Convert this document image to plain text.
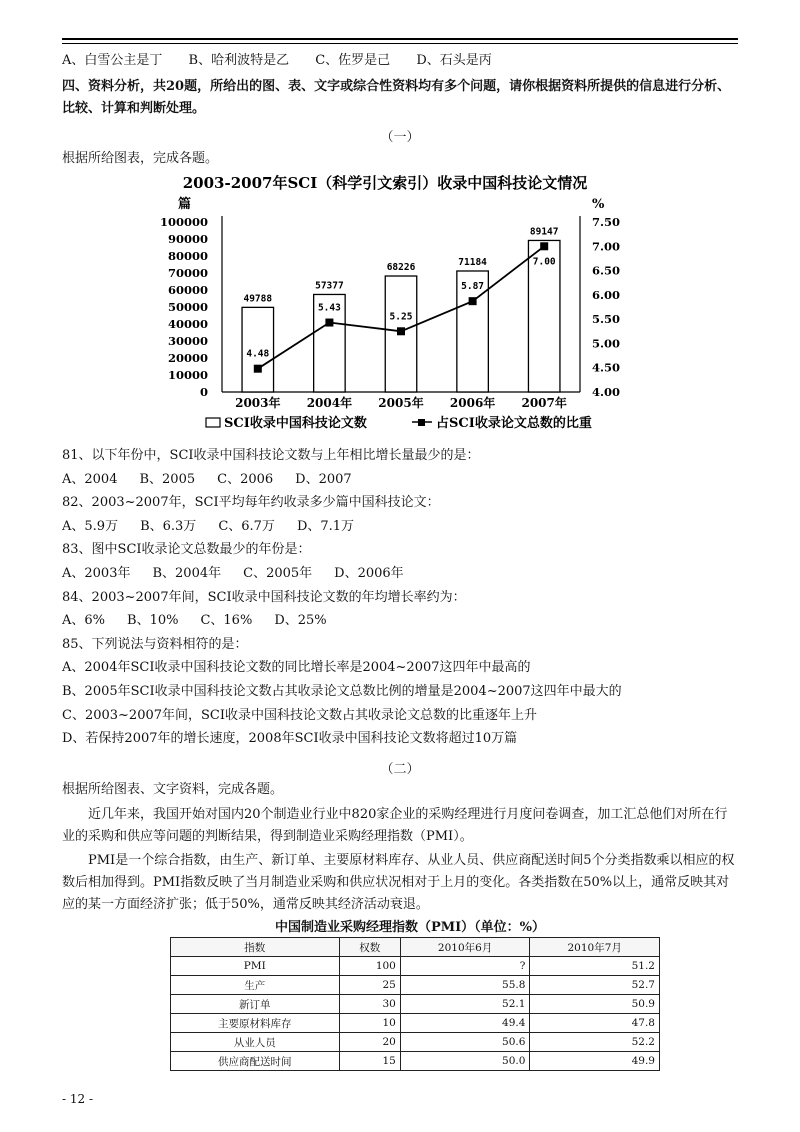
A、白雪公主是丁 B、哈利波特是乙 C、佐罗是己 D、石头是丙
四、资料分析，共20题，所给出的图、表、文字或综合性资料均有多个问题，请你根据资料所提供的信息进行分析、比较、计算和判断处理。
（一）
根据所给图表，完成各题。
2003-2007年SCI（科学引文索引）收录中国科技论文情况
篇	%
100000
90000
80000
70000
60000
50000
40000
30000
20000
10000
0
7.50
7.00
6.50
6.00
5.50
5.00
4.50
4.00
49788
2003年
57377
2004年
68226
2005年
71184
2006年
89147
2007年
4.48
5.43
5.25
5.87
7.00
SCI收录中国科技论文数	占SCI收录论文总数的比重
81、以下年份中，SCI收录中国科技论文数与上年相比增长量最少的是：
A、2004 B、2005 C、2006 D、2007
82、2003~2007年，SCI平均每年约收录多少篇中国科技论文：
A、5.9万 B、6.3万 C、6.7万 D、7.1万
83、图中SCI收录论文总数最少的年份是：
A、2003年 B、2004年 C、2005年 D、2006年
84、2003~2007年间，SCI收录中国科技论文数的年均增长率约为：
A、6% B、10% C、16% D、25%
85、下列说法与资料相符的是：
A、2004年SCI收录中国科技论文数的同比增长率是2004~2007这四年中最高的
B、2005年SCI收录中国科技论文数占其收录论文总数比例的增量是2004~2007这四年中最大的
C、2003~2007年间，SCI收录中国科技论文数占其收录论文总数的比重逐年上升
D、若保持2007年的增长速度，2008年SCI收录中国科技论文数将超过10万篇
（二）
根据所给图表、文字资料，完成各题。
近几年来，我国开始对国内20个制造业行业中820家企业的采购经理进行月度问卷调查，加工汇总他们对所在行业的采购和供应等问题的判断结果，得到制造业采购经理指数（PMI）。
PMI是一个综合指数，由生产、新订单、主要原材料库存、从业人员、供应商配送时间5个分类指数乘以相应的权数后相加得到。PMI指数反映了当月制造业采购和供应状况相对于上月的变化。各类指数在50%以上，通常反映其对应的某一方面经济扩张；低于50%，通常反映其经济活动衰退。
中国制造业采购经理指数（PMI）（单位：%）
指数	权数	2010年6月	2010年7月
PMI	100	?	51.2
生产	25	55.8	52.7
新订单	30	52.1	50.9
主要原材料库存	10	49.4	47.8
从业人员	20	50.6	52.2
供应商配送时间	15	50.0	49.9
- 12 -
